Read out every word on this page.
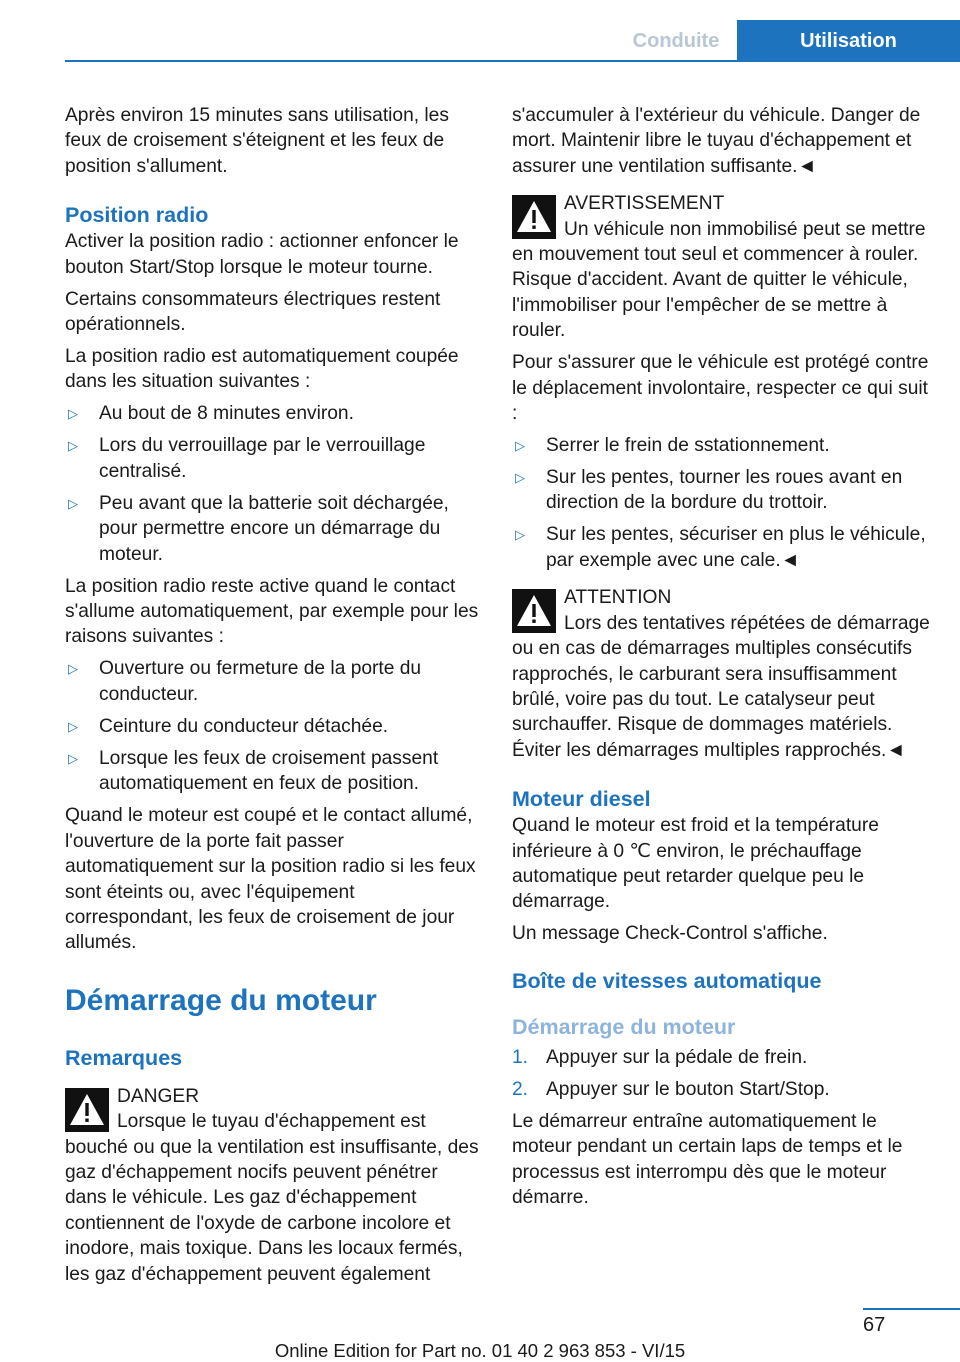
Conduite	Utilisation

Après environ 15 minutes sans utilisation, les feux de croisement s'éteignent et les feux de position s'allument.

Position radio

Activer la position radio : actionner enfoncer le bouton Start/Stop lorsque le moteur tourne.

Certains consommateurs électriques restent opérationnels.

La position radio est automatiquement coupée dans les situation suivantes :

▷ Au bout de 8 minutes environ.
▷ Lors du verrouillage par le verrouillage centralisé.
▷ Peu avant que la batterie soit déchargée, pour permettre encore un démarrage du moteur.

La position radio reste active quand le contact s'allume automatiquement, par exemple pour les raisons suivantes :

▷ Ouverture ou fermeture de la porte du conducteur.
▷ Ceinture du conducteur détachée.
▷ Lorsque les feux de croisement passent automatiquement en feux de position.

Quand le moteur est coupé et le contact allumé, l'ouverture de la porte fait passer automatiquement sur la position radio si les feux sont éteints ou, avec l'équipement correspondant, les feux de croisement de jour allumés.

Démarrage du moteur
Remarques
DANGER
Lorsque le tuyau d'échappement est bouché ou que la ventilation est insuffisante, des gaz d'échappement nocifs peuvent pénétrer dans le véhicule. Les gaz d'échappement contiennent de l'oxyde de carbone incolore et inodore, mais toxique. Dans les locaux fermés, les gaz d'échappement peuvent également

s'accumuler à l'extérieur du véhicule. Danger de mort. Maintenir libre le tuyau d'échappement et assurer une ventilation suffisante.◄

AVERTISSEMENT
Un véhicule non immobilisé peut se mettre en mouvement tout seul et commencer à rouler. Risque d'accident. Avant de quitter le véhicule, l'immobiliser pour l'empêcher de se mettre à rouler.

Pour s'assurer que le véhicule est protégé contre le déplacement involontaire, respecter ce qui suit :

▷ Serrer le frein de sstationnement.
▷ Sur les pentes, tourner les roues avant en direction de la bordure du trottoir.
▷ Sur les pentes, sécuriser en plus le véhicule, par exemple avec une cale.◄
ATTENTION
Lors des tentatives répétées de démarrage ou en cas de démarrages multiples consécutifs rapprochés, le carburant sera insuffisamment brûlé, voire pas du tout. Le catalyseur peut surchauffer. Risque de dommages matériels. Éviter les démarrages multiples rapprochés.◄
Moteur diesel

Quand le moteur est froid et la température inférieure à 0 ℃ environ, le préchauffage automatique peut retarder quelque peu le démarrage.

Un message Check-Control s'affiche.

Boîte de vitesses automatique
Démarrage du moteur
1. Appuyer sur la pédale de frein.
2. Appuyer sur le bouton Start/Stop.

Le démarreur entraîne automatiquement le moteur pendant un certain laps de temps et le processus est interrompu dès que le moteur démarre.

67
Online Edition for Part no. 01 40 2 963 853 - VI/15
